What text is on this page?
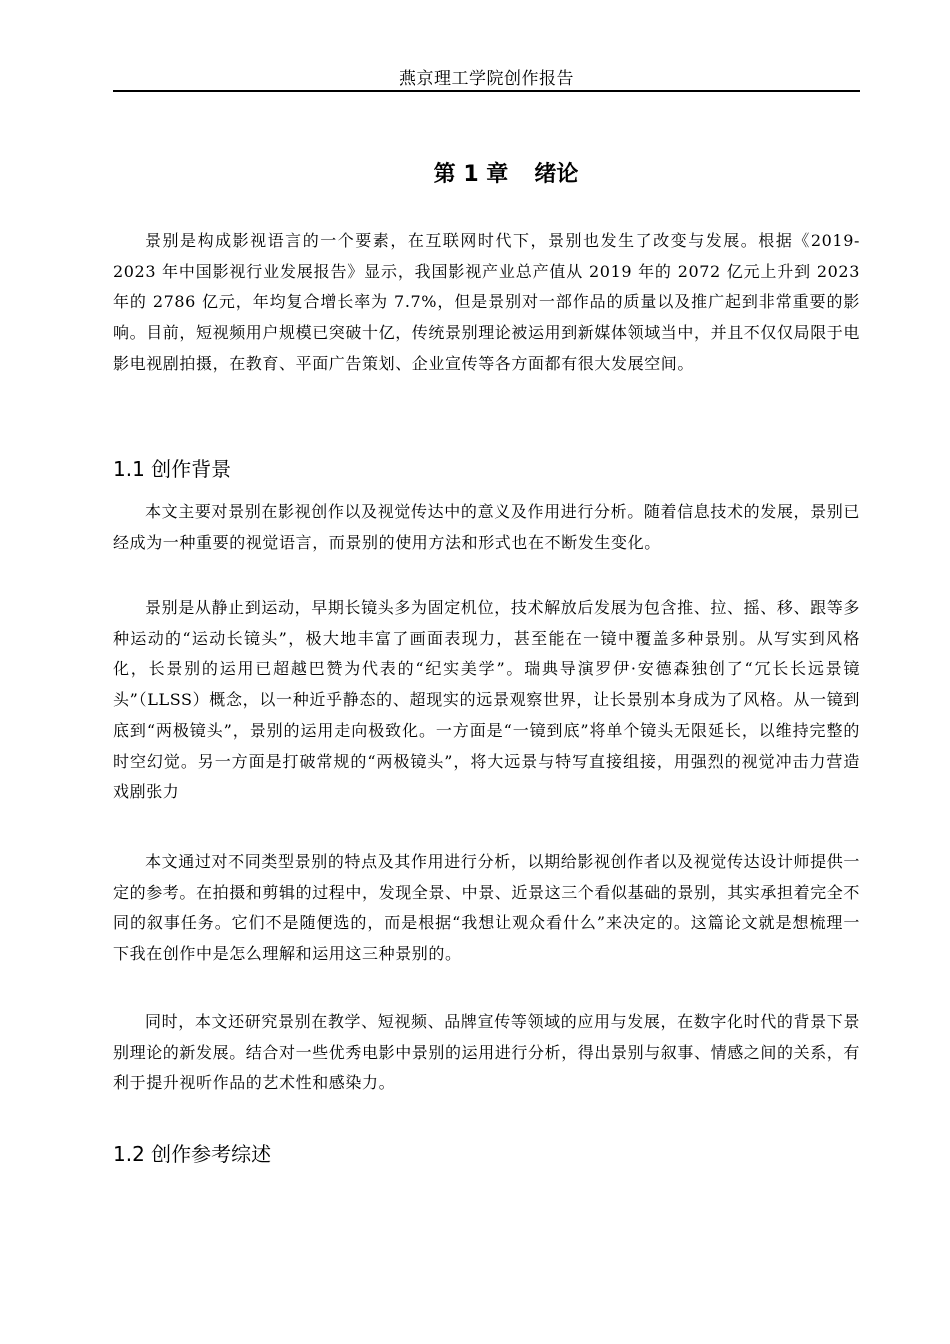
燕京理工学院创作报告
第 1 章 绪论

景别是构成影视语言的一个要素，在互联网时代下，景别也发生了改变与发展。根据《2019-2023 年中国影视行业发展报告》显示，我国影视产业总产值从 2019 年的 2072 亿元上升到 2023 年的 2786 亿元，年均复合增长率为 7.7%，但是景别对一部作品的质量以及推广起到非常重要的影响。目前，短视频用户规模已突破十亿，传统景别理论被运用到新媒体领域当中，并且不仅仅局限于电影电视剧拍摄，在教育、平面广告策划、企业宣传等各方面都有很大发展空间。

1.1 创作背景

本文主要对景别在影视创作以及视觉传达中的意义及作用进行分析。随着信息技术的发展，景别已经成为一种重要的视觉语言，而景别的使用方法和形式也在不断发生变化。

景别是从静止到运动，早期长镜头多为固定机位，技术解放后发展为包含推、拉、摇、移、跟等多种运动的“运动长镜头”，极大地丰富了画面表现力，甚至能在一镜中覆盖多种景别。从写实到风格化，长景别的运用已超越巴赞为代表的“纪实美学”。瑞典导演罗伊·安德森独创了“冗长长远景镜头”（LLSS）概念，以一种近乎静态的、超现实的远景观察世界，让长景别本身成为了风格。从一镜到底到“两极镜头”，景别的运用走向极致化。一方面是“一镜到底”将单个镜头无限延长，以维持完整的时空幻觉。另一方面是打破常规的“两极镜头”，将大远景与特写直接组接，用强烈的视觉冲击力营造戏剧张力

本文通过对不同类型景别的特点及其作用进行分析，以期给影视创作者以及视觉传达设计师提供一定的参考。在拍摄和剪辑的过程中，发现全景、中景、近景这三个看似基础的景别，其实承担着完全不同的叙事任务。它们不是随便选的，而是根据“我想让观众看什么”来决定的。这篇论文就是想梳理一下我在创作中是怎么理解和运用这三种景别的。

同时，本文还研究景别在教学、短视频、品牌宣传等领域的应用与发展，在数字化时代的背景下景别理论的新发展。结合对一些优秀电影中景别的运用进行分析，得出景别与叙事、情感之间的关系，有利于提升视听作品的艺术性和感染力。

1.2 创作参考综述
